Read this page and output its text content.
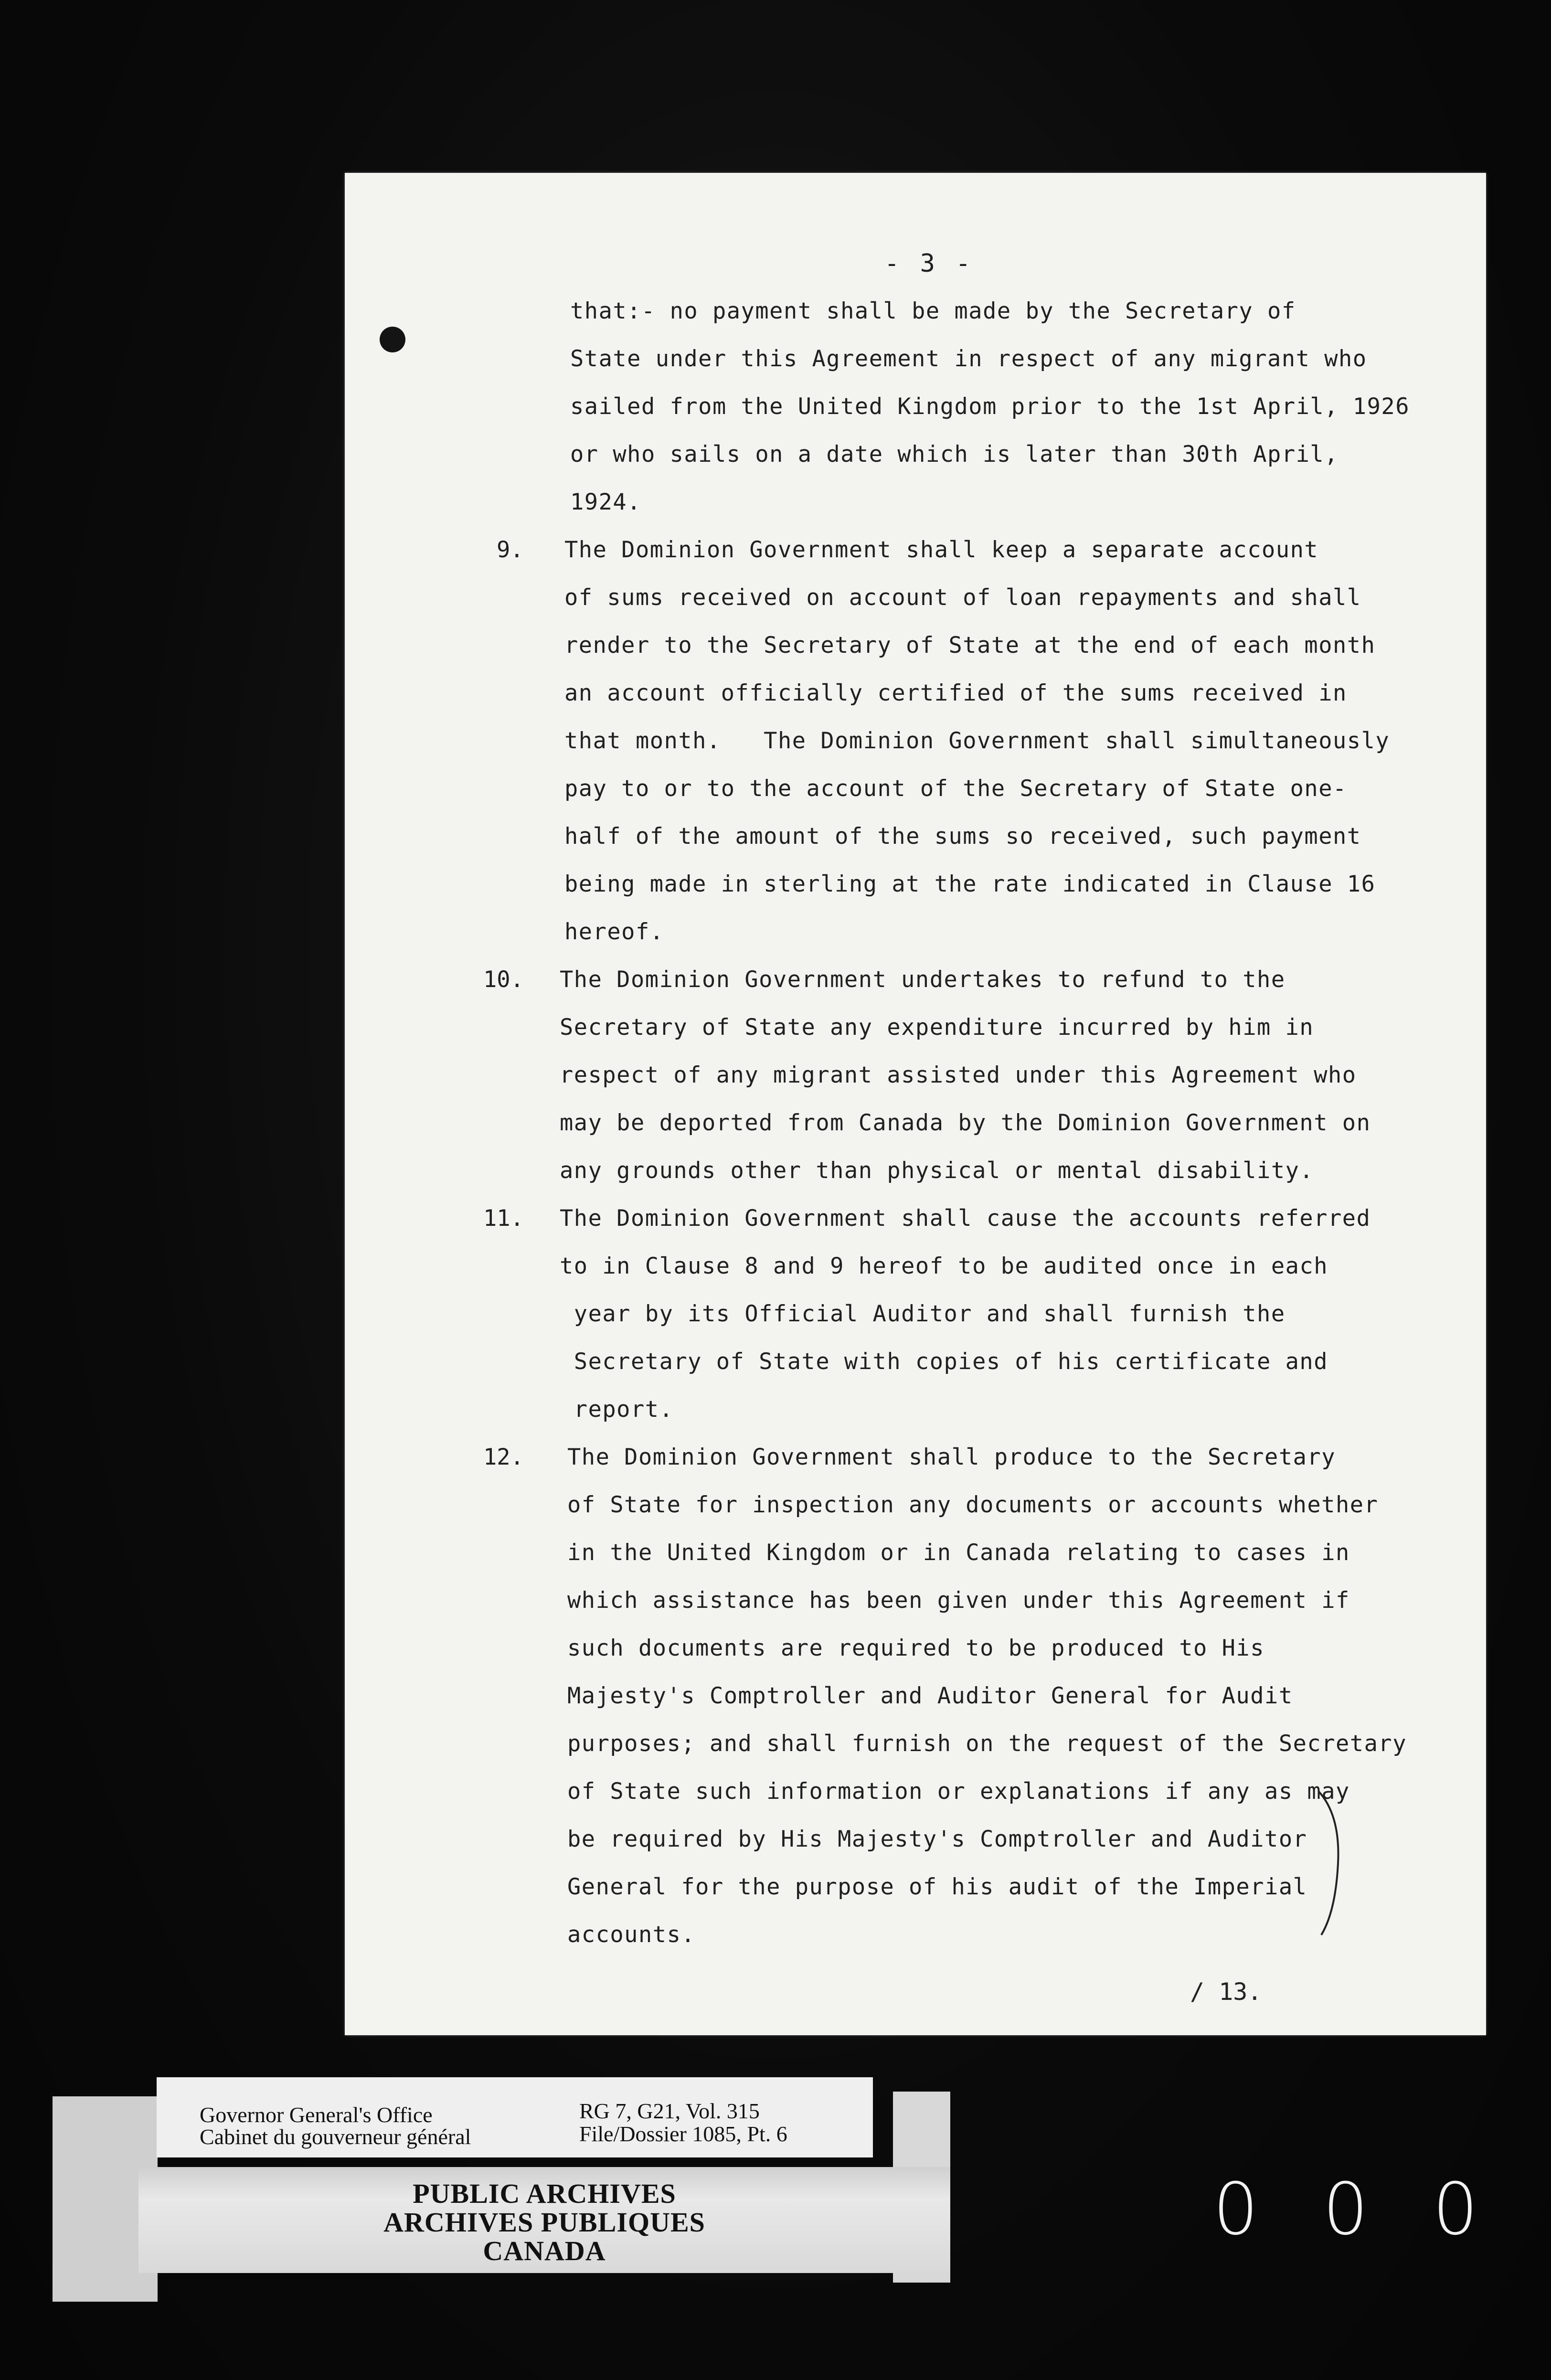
- 3 -
that:- no payment shall be made by the Secretary of
State under this Agreement in respect of any migrant who
sailed from the United Kingdom prior to the 1st April, 1926
or who sails on a date which is later than 30th April,
1924.
9. The Dominion Government shall keep a separate account
of sums received on account of loan repayments and shall
render to the Secretary of State at the end of each month
an account officially certified of the sums received in
that month.   The Dominion Government shall simultaneously
pay to or to the account of the Secretary of State one-
half of the amount of the sums so received, such payment
being made in sterling at the rate indicated in Clause 16
hereof.
10. The Dominion Government undertakes to refund to the
Secretary of State any expenditure incurred by him in
respect of any migrant assisted under this Agreement who
may be deported from Canada by the Dominion Government on
any grounds other than physical or mental disability.
11. The Dominion Government shall cause the accounts referred
to in Clause 8 and 9 hereof to be audited once in each
year by its Official Auditor and shall furnish the
Secretary of State with copies of his certificate and
report.
12. The Dominion Government shall produce to the Secretary
of State for inspection any documents or accounts whether
in the United Kingdom or in Canada relating to cases in
which assistance has been given under this Agreement if
such documents are required to be produced to His
Majesty's Comptroller and Auditor General for Audit
purposes; and shall furnish on the request of the Secretary
of State such information or explanations if any as may
be required by His Majesty's Comptroller and Auditor
General for the purpose of his audit of the Imperial
accounts.
/ 13.
Governor General's Office
Cabinet du gouverneur général
RG 7, G21, Vol. 315
File/Dossier 1085, Pt. 6
PUBLIC ARCHIVES
ARCHIVES PUBLIQUES
CANADA	0 0 0
